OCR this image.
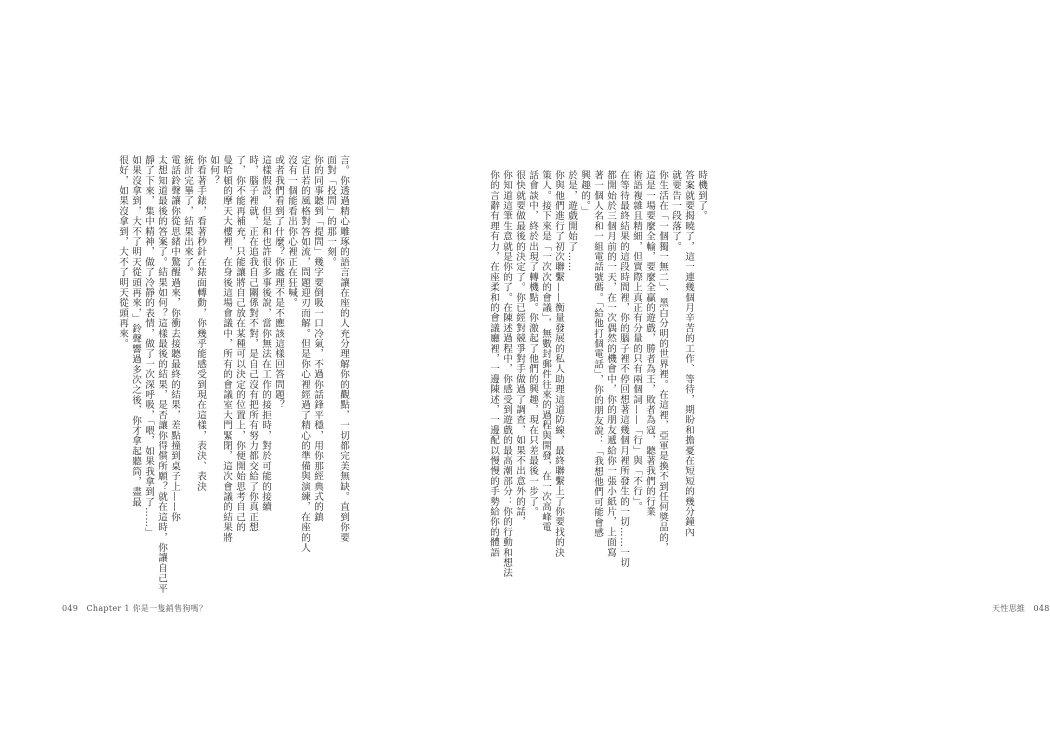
言。你透過精心雕琢的語言讓在座的人充分理解你的觀點，一切都完美無缺。直到你要
面對「投問」的那一刻。
你的同事聽到「提問」幾字要倒吸一口冷氣，不過你話鋒平穩，用你那經典式的鎮
定自若的風格對答如流，問題迎刃而解。但是你心裡經過了精心的準備與演練，在座的人
沒有一個能看出你心裡正在狂喊。
或者我們看到了什麼？你處理不是不應該這樣回答問題？
這樣假設，但是和也許很多事後說，當你無法在工作的接拒時，對於可能的接續
時，腦子裡就，正在追我自己關係對不對，是自己沒有把所有努力都交給了你真正想
了，你不能再補充，只能讓將自己放在某種可以決定的位置上，你便開始思考自己的
曼哈頓的摩天大樓裡，在身後這場會議中，所有的會議室大門緊閉，這次會議的結果將
如何？
你看著手錶，看著秒針在錶面轉動，你幾乎能感受到現在這樣，表決、表決
統計完畢了，結果出來了。
電話鈴聲讓你從思緒中驚醒過來，你衝去接聽最終的結果，差點撞到桌子上——你
太想知道最後的答案了。結果如何？這樣最後的結果，是否讓你得償所願？就在這時，你讓自己平
靜了下來，集中精神，做了冷靜的表情，做了一次深呼吸，「喂，如果我拿到了……」
如果沒拿到，大不了明天從頭再來，」鈴聲響過多次之後，你才拿起聽筒，盡最
很好，如果沒拿到，大不了明天從頭再來。
049　Chapter 1 你是一隻銷售狗嗎？
時機到了。
答案就要揭曉了，這一連幾個月辛苦的工作、等待，期盼和擔憂在短短的幾分鐘內
就要告一段落了。
你生活在「一個獨一無二」、黑白分明的世界裡。在這裡，亞軍是換不到任何獎品的，
這是一場要麼全輸，要麼全贏的遊戲，勝者為王，敗者為寇，聽著我們的行業
術語複雜且精細，但實際上真正有分量的只有兩個詞——「行」與「不行」。
在等待最終結果的這段時間裡，你的腦子裡不停回想著這幾個月裡所發生的一切……一切
都開始於三個月前的一天，在一次偶然的機會中，你的朋友遞給你一張小紙片，上面寫
著一個人名和一組電話號碼。「給他打個電話」，你的朋友說：「我想他們可能會感
興趣的。」
於是，遊戲開始了……
你與他們進行了初次聯繫——衡量發展的私人助理這道防線，最終聯繫上了你要找的決
策人。接下來是「一次次的會議」，無數封郵件往來的過程與開發，在一次高峰電
話會談中，終於出現了轉機點。你激起了他們的興趣，現在只差最後一步了。
很快就要做最後的決定了。你已經對競爭對手做過了調查，如果不出意外的話，
你知道這筆生意就是你的了。在陳述過程中，你感受到遊戲的最高潮部分：你的行動和想法
你的言辭有理有力，在座柔和的會議廳裡，一邊陳述，一邊配以慢慢的手勢給你的體語
天性思維　048
